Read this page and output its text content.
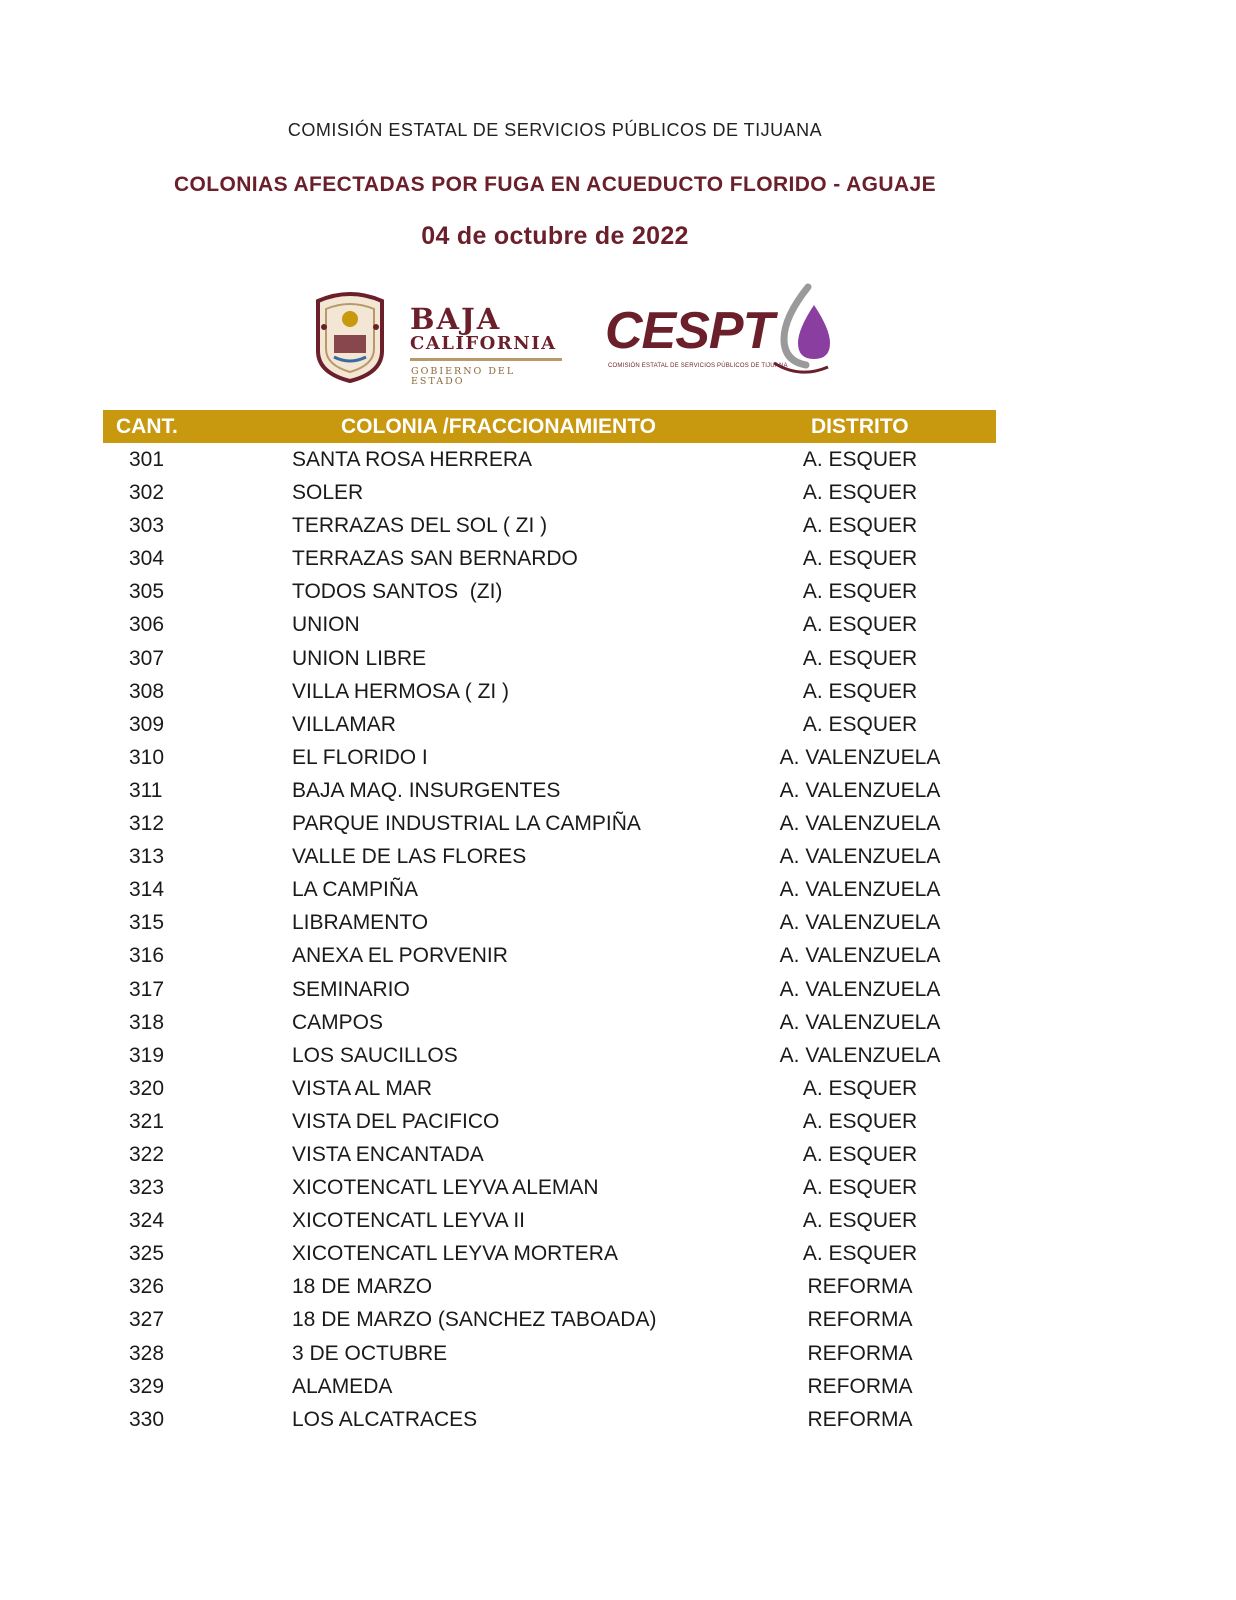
COMISIÓN ESTATAL DE SERVICIOS PÚBLICOS DE TIJUANA
COLONIAS AFECTADAS POR FUGA EN ACUEDUCTO FLORIDO - AGUAJE
04 de octubre de 2022
BAJA
CALIFORNIA
GOBIERNO DEL ESTADO
CESPT
COMISIÓN ESTATAL DE SERVICIOS PÚBLICOS DE TIJUANA
CANT.	COLONIA /FRACCIONAMIENTO	DISTRITO
301	SANTA ROSA HERRERA	A. ESQUER
302	SOLER	A. ESQUER
303	TERRAZAS DEL SOL ( ZI )	A. ESQUER
304	TERRAZAS SAN BERNARDO	A. ESQUER
305	TODOS SANTOS  (ZI)	A. ESQUER
306	UNION	A. ESQUER
307	UNION LIBRE	A. ESQUER
308	VILLA HERMOSA ( ZI )	A. ESQUER
309	VILLAMAR	A. ESQUER
310	EL FLORIDO I	A. VALENZUELA
311	BAJA MAQ. INSURGENTES	A. VALENZUELA
312	PARQUE INDUSTRIAL LA CAMPIÑA	A. VALENZUELA
313	VALLE DE LAS FLORES	A. VALENZUELA
314	LA CAMPIÑA	A. VALENZUELA
315	LIBRAMENTO	A. VALENZUELA
316	ANEXA EL PORVENIR	A. VALENZUELA
317	SEMINARIO	A. VALENZUELA
318	CAMPOS	A. VALENZUELA
319	LOS SAUCILLOS	A. VALENZUELA
320	VISTA AL MAR	A. ESQUER
321	VISTA DEL PACIFICO	A. ESQUER
322	VISTA ENCANTADA	A. ESQUER
323	XICOTENCATL LEYVA ALEMAN	A. ESQUER
324	XICOTENCATL LEYVA II	A. ESQUER
325	XICOTENCATL LEYVA MORTERA	A. ESQUER
326	18 DE MARZO	REFORMA
327	18 DE MARZO (SANCHEZ TABOADA)	REFORMA
328	3 DE OCTUBRE	REFORMA
329	ALAMEDA	REFORMA
330	LOS ALCATRACES	REFORMA
